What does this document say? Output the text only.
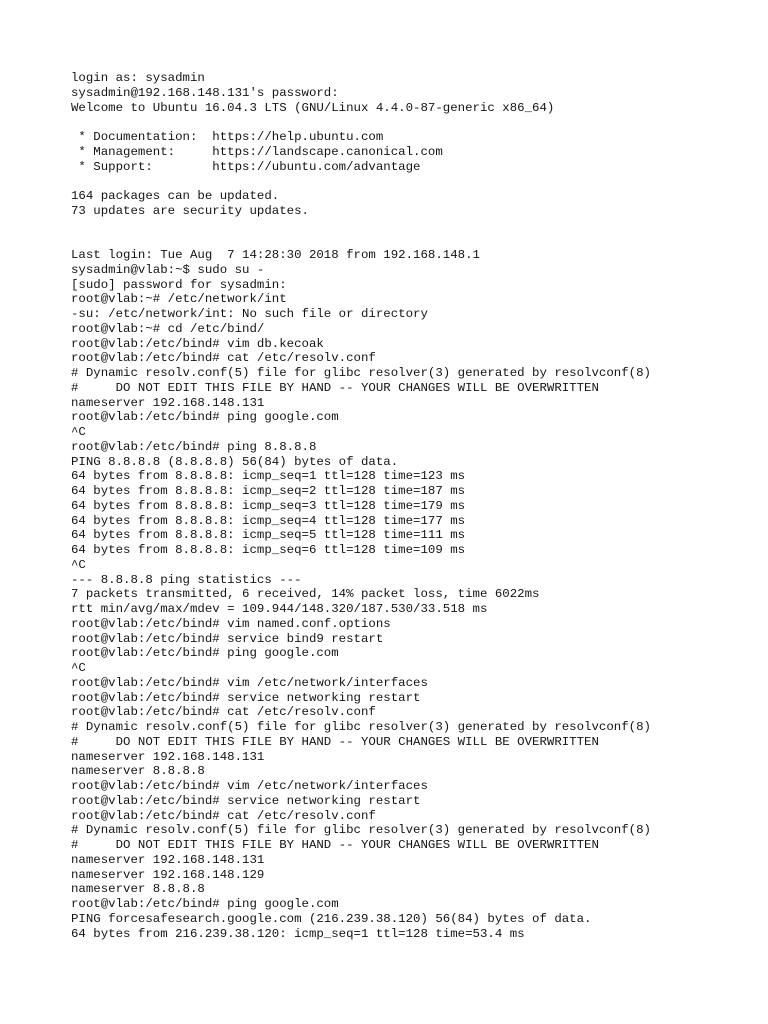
login as: sysadmin
sysadmin@192.168.148.131's password:
Welcome to Ubuntu 16.04.3 LTS (GNU/Linux 4.4.0-87-generic x86_64)
* Documentation:  https://help.ubuntu.com
* Management:     https://landscape.canonical.com
* Support:        https://ubuntu.com/advantage
164 packages can be updated.
73 updates are security updates.
Last login: Tue Aug  7 14:28:30 2018 from 192.168.148.1
sysadmin@vlab:~$ sudo su -
[sudo] password for sysadmin:
root@vlab:~# /etc/network/int
-su: /etc/network/int: No such file or directory
root@vlab:~# cd /etc/bind/
root@vlab:/etc/bind# vim db.kecoak
root@vlab:/etc/bind# cat /etc/resolv.conf
# Dynamic resolv.conf(5) file for glibc resolver(3) generated by resolvconf(8)
#     DO NOT EDIT THIS FILE BY HAND -- YOUR CHANGES WILL BE OVERWRITTEN
nameserver 192.168.148.131
root@vlab:/etc/bind# ping google.com
^C
root@vlab:/etc/bind# ping 8.8.8.8
PING 8.8.8.8 (8.8.8.8) 56(84) bytes of data.
64 bytes from 8.8.8.8: icmp_seq=1 ttl=128 time=123 ms
64 bytes from 8.8.8.8: icmp_seq=2 ttl=128 time=187 ms
64 bytes from 8.8.8.8: icmp_seq=3 ttl=128 time=179 ms
64 bytes from 8.8.8.8: icmp_seq=4 ttl=128 time=177 ms
64 bytes from 8.8.8.8: icmp_seq=5 ttl=128 time=111 ms
64 bytes from 8.8.8.8: icmp_seq=6 ttl=128 time=109 ms
^C
--- 8.8.8.8 ping statistics ---
7 packets transmitted, 6 received, 14% packet loss, time 6022ms
rtt min/avg/max/mdev = 109.944/148.320/187.530/33.518 ms
root@vlab:/etc/bind# vim named.conf.options
root@vlab:/etc/bind# service bind9 restart
root@vlab:/etc/bind# ping google.com
^C
root@vlab:/etc/bind# vim /etc/network/interfaces
root@vlab:/etc/bind# service networking restart
root@vlab:/etc/bind# cat /etc/resolv.conf
# Dynamic resolv.conf(5) file for glibc resolver(3) generated by resolvconf(8)
#     DO NOT EDIT THIS FILE BY HAND -- YOUR CHANGES WILL BE OVERWRITTEN
nameserver 192.168.148.131
nameserver 8.8.8.8
root@vlab:/etc/bind# vim /etc/network/interfaces
root@vlab:/etc/bind# service networking restart
root@vlab:/etc/bind# cat /etc/resolv.conf
# Dynamic resolv.conf(5) file for glibc resolver(3) generated by resolvconf(8)
#     DO NOT EDIT THIS FILE BY HAND -- YOUR CHANGES WILL BE OVERWRITTEN
nameserver 192.168.148.131
nameserver 192.168.148.129
nameserver 8.8.8.8
root@vlab:/etc/bind# ping google.com
PING forcesafesearch.google.com (216.239.38.120) 56(84) bytes of data.
64 bytes from 216.239.38.120: icmp_seq=1 ttl=128 time=53.4 ms
